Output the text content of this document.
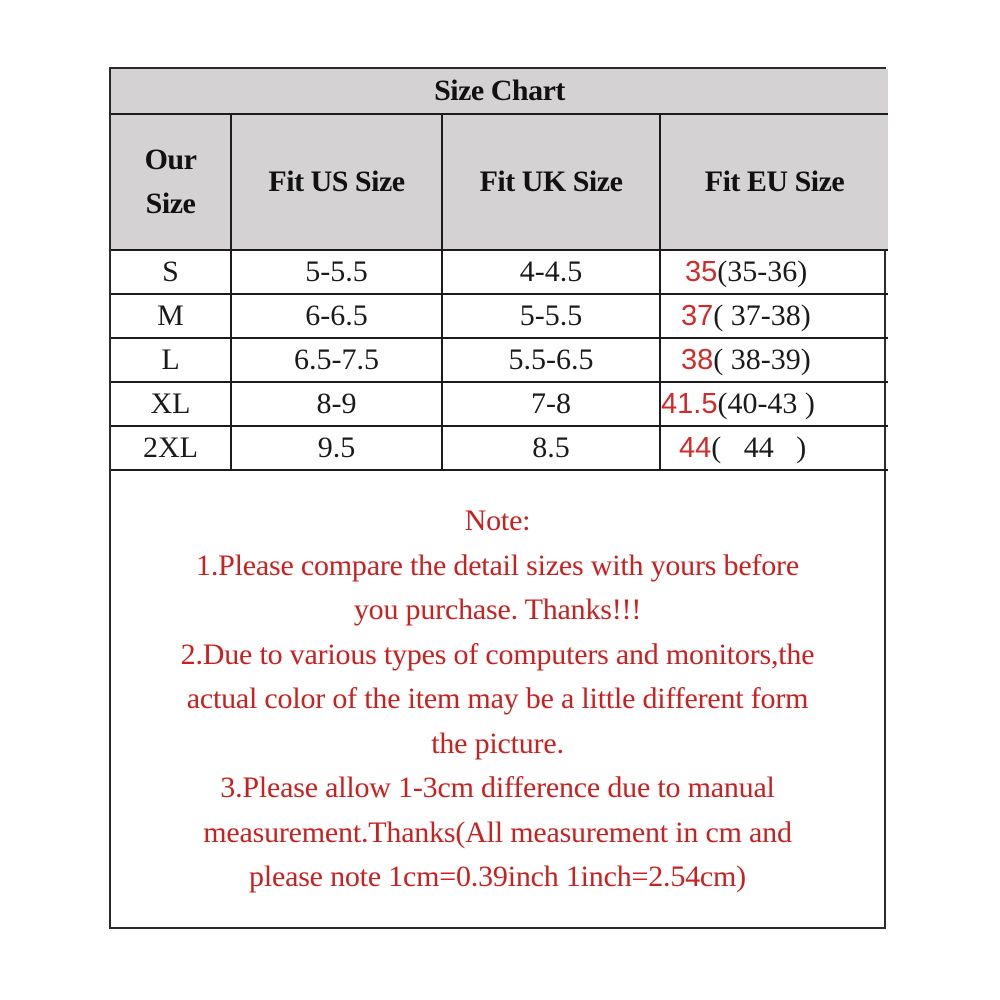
Size Chart			
Our
Size	Fit US Size	Fit UK Size	Fit EU Size
S	5-5.5	4-4.5	35(35-36)
M	6-6.5	5-5.5	37( 37-38)
L	6.5-7.5	5.5-6.5	38( 38-39)
XL	8-9	7-8	41.5(40-43 )
2XL	9.5	8.5	44(   44   )
Note:
1.Please compare the detail sizes with yours before
you purchase. Thanks!!!
2.Due to various types of computers and monitors,the
actual color of the item may be a little different form
the picture.
3.Please allow 1-3cm difference due to manual
measurement.Thanks(All measurement in cm and
please note 1cm=0.39inch 1inch=2.54cm)
